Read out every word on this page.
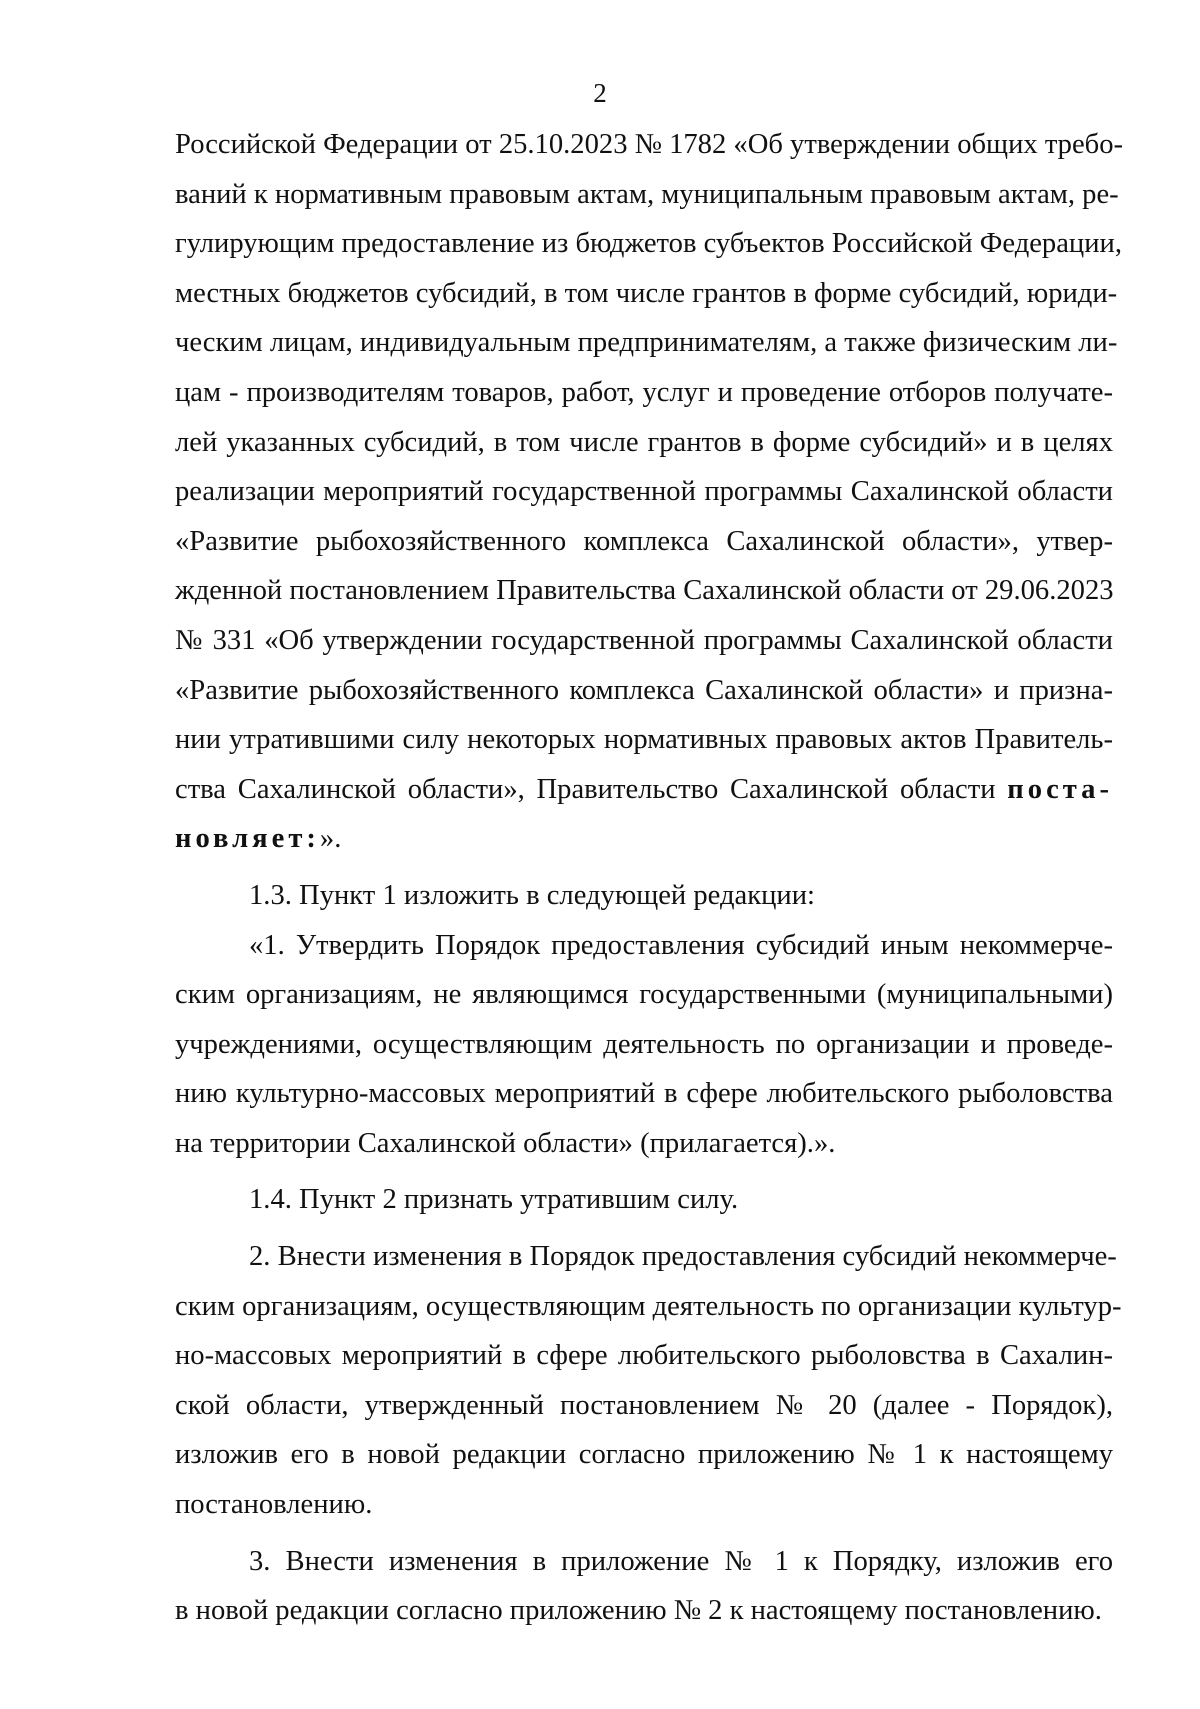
2
Российской Федерации от 25.10.2023 № 1782 «Об утверждении общих требо-
ваний к нормативным правовым актам, муниципальным правовым актам, ре-
гулирующим предоставление из бюджетов субъектов Российской Федерации,
местных бюджетов субсидий, в том числе грантов в форме субсидий, юриди-
ческим лицам, индивидуальным предпринимателям, а также физическим ли-
цам - производителям товаров, работ, услуг и проведение отборов получате-
лей указанных субсидий, в том числе грантов в форме субсидий» и в целях
реализации мероприятий государственной программы Сахалинской области
«Развитие рыбохозяйственного комплекса Сахалинской области», утвер-
жденной постановлением Правительства Сахалинской области от 29.06.2023
№ 331 «Об утверждении государственной программы Сахалинской области
«Развитие рыбохозяйственного комплекса Сахалинской области» и призна-
нии утратившими силу некоторых нормативных правовых актов Правитель-
ства Сахалинской области», Правительство Сахалинской области поста-
новляет:».
1.3. Пункт 1 изложить в следующей редакции:
«1. Утвердить Порядок предоставления субсидий иным некоммерче-
ским организациям, не являющимся государственными (муниципальными)
учреждениями, осуществляющим деятельность по организации и проведе-
нию культурно-массовых мероприятий в сфере любительского рыболовства
на территории Сахалинской области» (прилагается).».
1.4. Пункт 2 признать утратившим силу.
2. Внести изменения в Порядок предоставления субсидий некоммерче-
ским организациям, осуществляющим деятельность по организации культур-
но-массовых мероприятий в сфере любительского рыболовства в Сахалин-
ской области, утвержденный постановлением № 20 (далее - Порядок),
изложив его в новой редакции согласно приложению № 1 к настоящему
постановлению.
3. Внести изменения в приложение № 1 к Порядку, изложив его
в новой редакции согласно приложению № 2 к настоящему постановлению.
